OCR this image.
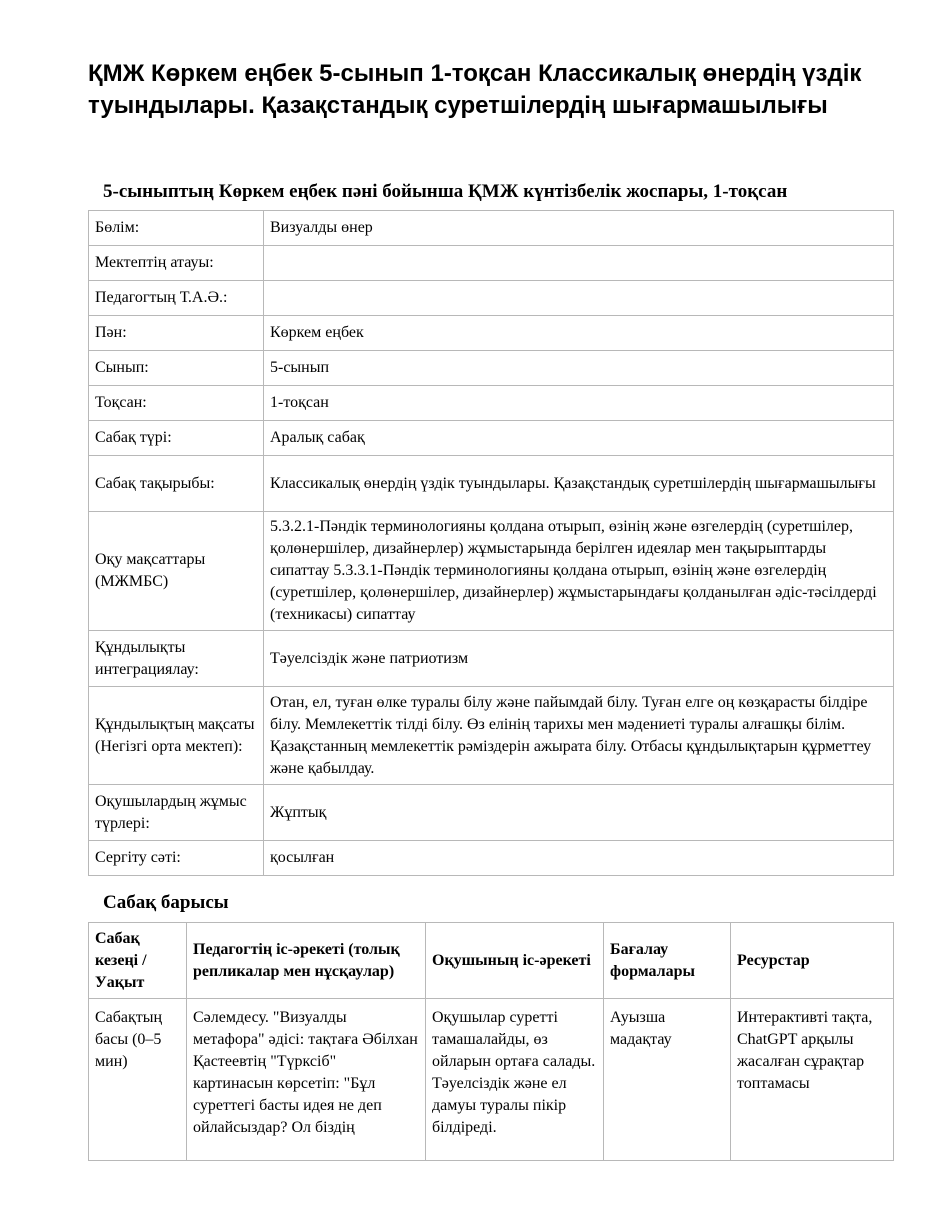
ҚМЖ Көркем еңбек 5-сынып 1-тоқсан Классикалық өнердің үздік туындылары. Қазақстандық суретшілердің шығармашылығы
5-сыныптың Көркем еңбек пәні бойынша ҚМЖ күнтізбелік жоспары, 1-тоқсан
Бөлім:	Визуалды өнер
Мектептің атауы:	
Педагогтың Т.А.Ә.:	
Пән:	Көркем еңбек
Сынып:	5-сынып
Тоқсан:	1-тоқсан
Сабақ түрі:	Аралық сабақ
Сабақ тақырыбы:	Классикалық өнердің үздік туындылары. Қазақстандық суретшілердің шығармашылығы
Оқу мақсаттары (МЖМБС)	5.3.2.1-Пәндік терминологияны қолдана отырып, өзінің және өзгелердің (суретшілер, қолөнершілер, дизайнерлер) жұмыстарында берілген идеялар мен тақырыптарды сипаттау 5.3.3.1-Пәндік терминологияны қолдана отырып, өзінің және өзгелердің (суретшілер, қолөнершілер, дизайнерлер) жұмыстарындағы қолданылған әдіс-тәсілдерді (техникасы) сипаттау
Құндылықты интеграциялау:	Тәуелсіздік және патриотизм
Құндылықтың мақсаты (Негізгі орта мектеп):	Отан, ел, туған өлке туралы білу және пайымдай білу. Туған елге оң көзқарасты білдіре білу. Мемлекеттік тілді білу. Өз елінің тарихы мен мәдениеті туралы алғашқы білім. Қазақстанның мемлекеттік рәміздерін ажырата білу. Отбасы құндылықтарын құрметтеу және қабылдау.
Оқушылардың жұмыс түрлері:	Жұптық
Сергіту сәті:	қосылған
Сабақ барысы
Сабақ кезеңі / Уақыт	Педагогтің іс-әрекеті (толық репликалар мен нұсқаулар)	Оқушының іс-әрекеті	Бағалау формалары	Ресурстар
Сабақтың басы (0–5 мин)	Сәлемдесу. "Визуалды метафора" әдісі: тақтаға Әбілхан Қастеевтің "Түрксіб" картинасын көрсетіп: "Бұл суреттегі басты идея не деп ойлайсыздар? Ол біздің	Оқушылар суретті тамашалайды, өз ойларын ортаға салады. Тәуелсіздік және ел дамуы туралы пікір білдіреді.	Ауызша мадақтау	Интерактивті тақта, ChatGPT арқылы жасалған сұрақтар топтамасы
